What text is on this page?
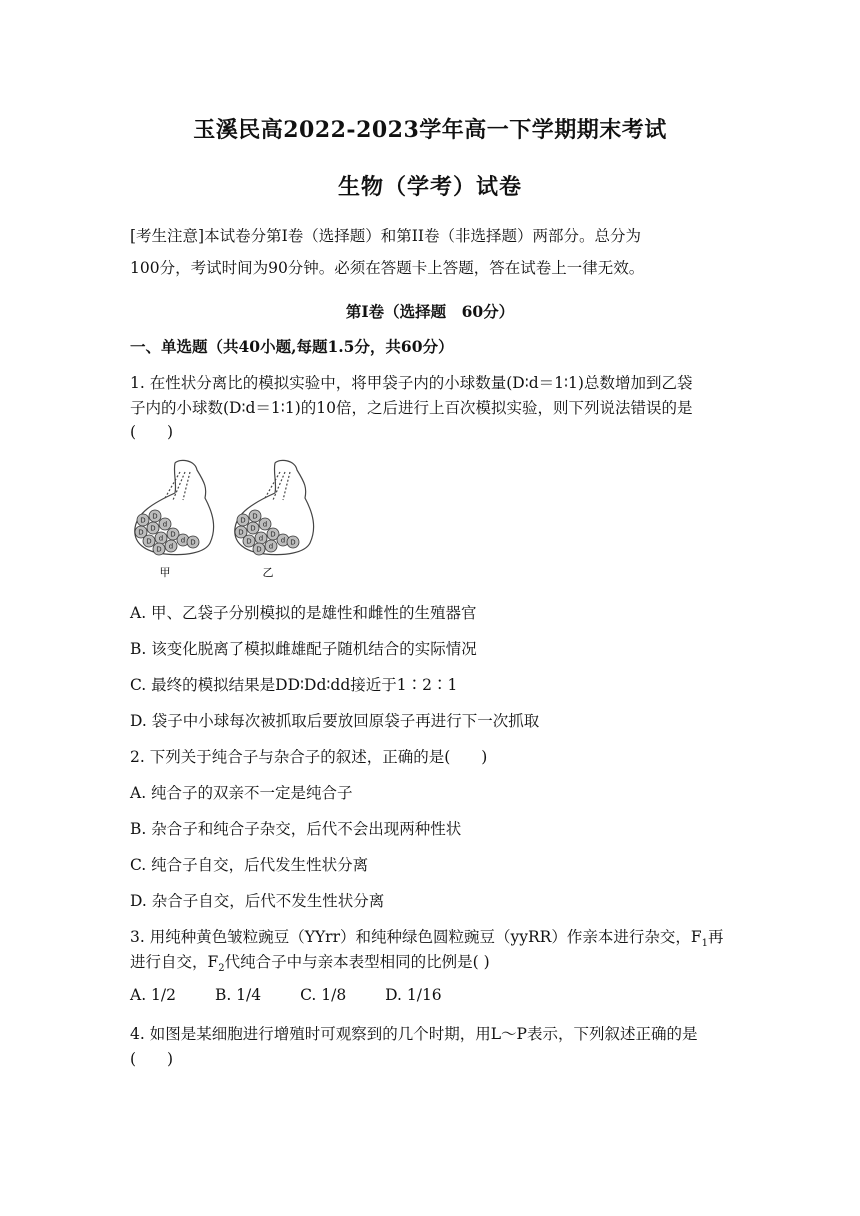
玉溪民高2022-2023学年高一下学期期末考试
生物（学考）试卷
[考生注意]本试卷分第Ⅰ卷（选择题）和第ⅠⅠ卷（非选择题）两部分。总分为
100分，考试时间为90分钟。必须在答题卡上答题，答在试卷上一律无效。
第Ⅰ卷（选择题　60分）
一、单选题（共40小题,每题1.5分，共60分）
1. 在性状分离比的模拟实验中，将甲袋子内的小球数量(D∶d＝1∶1)总数增加到乙袋
子内的小球数(D∶d＝1∶1)的10倍，之后进行上百次模拟实验，则下列说法错误的是
(　　)
D D
D D d
D d D
d
d
D
D
D D
D D d
D d D
d
d
D
D
甲	乙
A. 甲、乙袋子分别模拟的是雄性和雌性的生殖器官
B. 该变化脱离了模拟雌雄配子随机结合的实际情况
C. 最终的模拟结果是DD∶Dd∶dd接近于1∶2∶1
D. 袋子中小球每次被抓取后要放回原袋子再进行下一次抓取
2. 下列关于纯合子与杂合子的叙述，正确的是(　　)
A. 纯合子的双亲不一定是纯合子
B. 杂合子和纯合子杂交，后代不会出现两种性状
C. 纯合子自交，后代发生性状分离
D. 杂合子自交，后代不发生性状分离
3. 用纯种黄色皱粒豌豆（YYrr）和纯种绿色圆粒豌豆（yyRR）作亲本进行杂交，$F_1$再
进行自交，$F_2$代纯合子中与亲本表型相同的比例是( )
A. 1/2	B. 1/4	C. 1/8	D. 1/16
4. 如图是某细胞进行增殖时可观察到的几个时期，用L～P表示，下列叙述正确的是
(　　)
